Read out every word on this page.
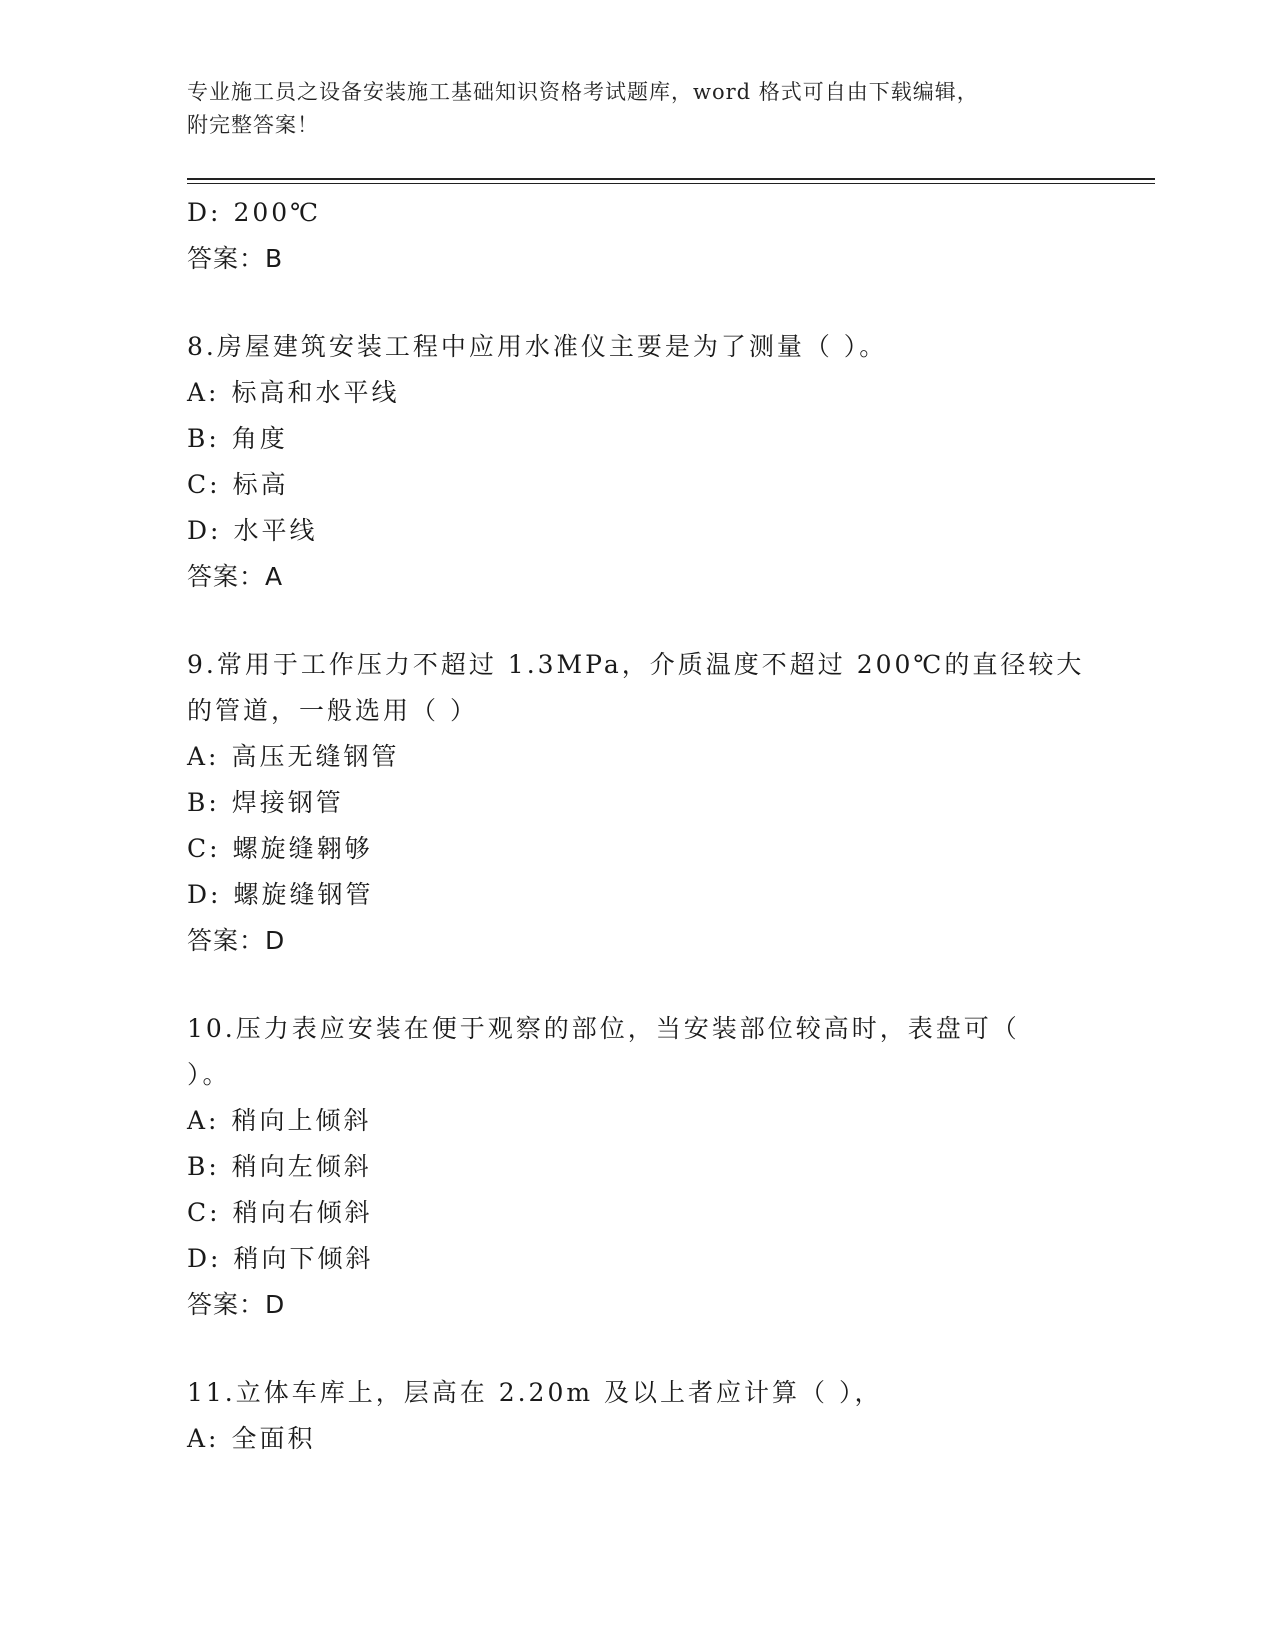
专业施工员之设备安装施工基础知识资格考试题库，word 格式可自由下载编辑，
附完整答案！
D: 200℃
答案：B
8.房屋建筑安装工程中应用水准仪主要是为了测量（ ）。
A: 标高和水平线
B: 角度
C: 标高
D: 水平线
答案：A
9.常用于工作压力不超过 1.3MPa，介质温度不超过 200℃的直径较大
的管道，一般选用（ ）
A: 高压无缝钢管
B: 焊接钢管
C: 螺旋缝翱够
D: 螺旋缝钢管
答案：D
10.压力表应安装在便于观察的部位，当安装部位较高时，表盘可（
）。
A: 稍向上倾斜
B: 稍向左倾斜
C: 稍向右倾斜
D: 稍向下倾斜
答案：D
11.立体车库上，层高在 2.20m 及以上者应计算（ ），
A: 全面积
